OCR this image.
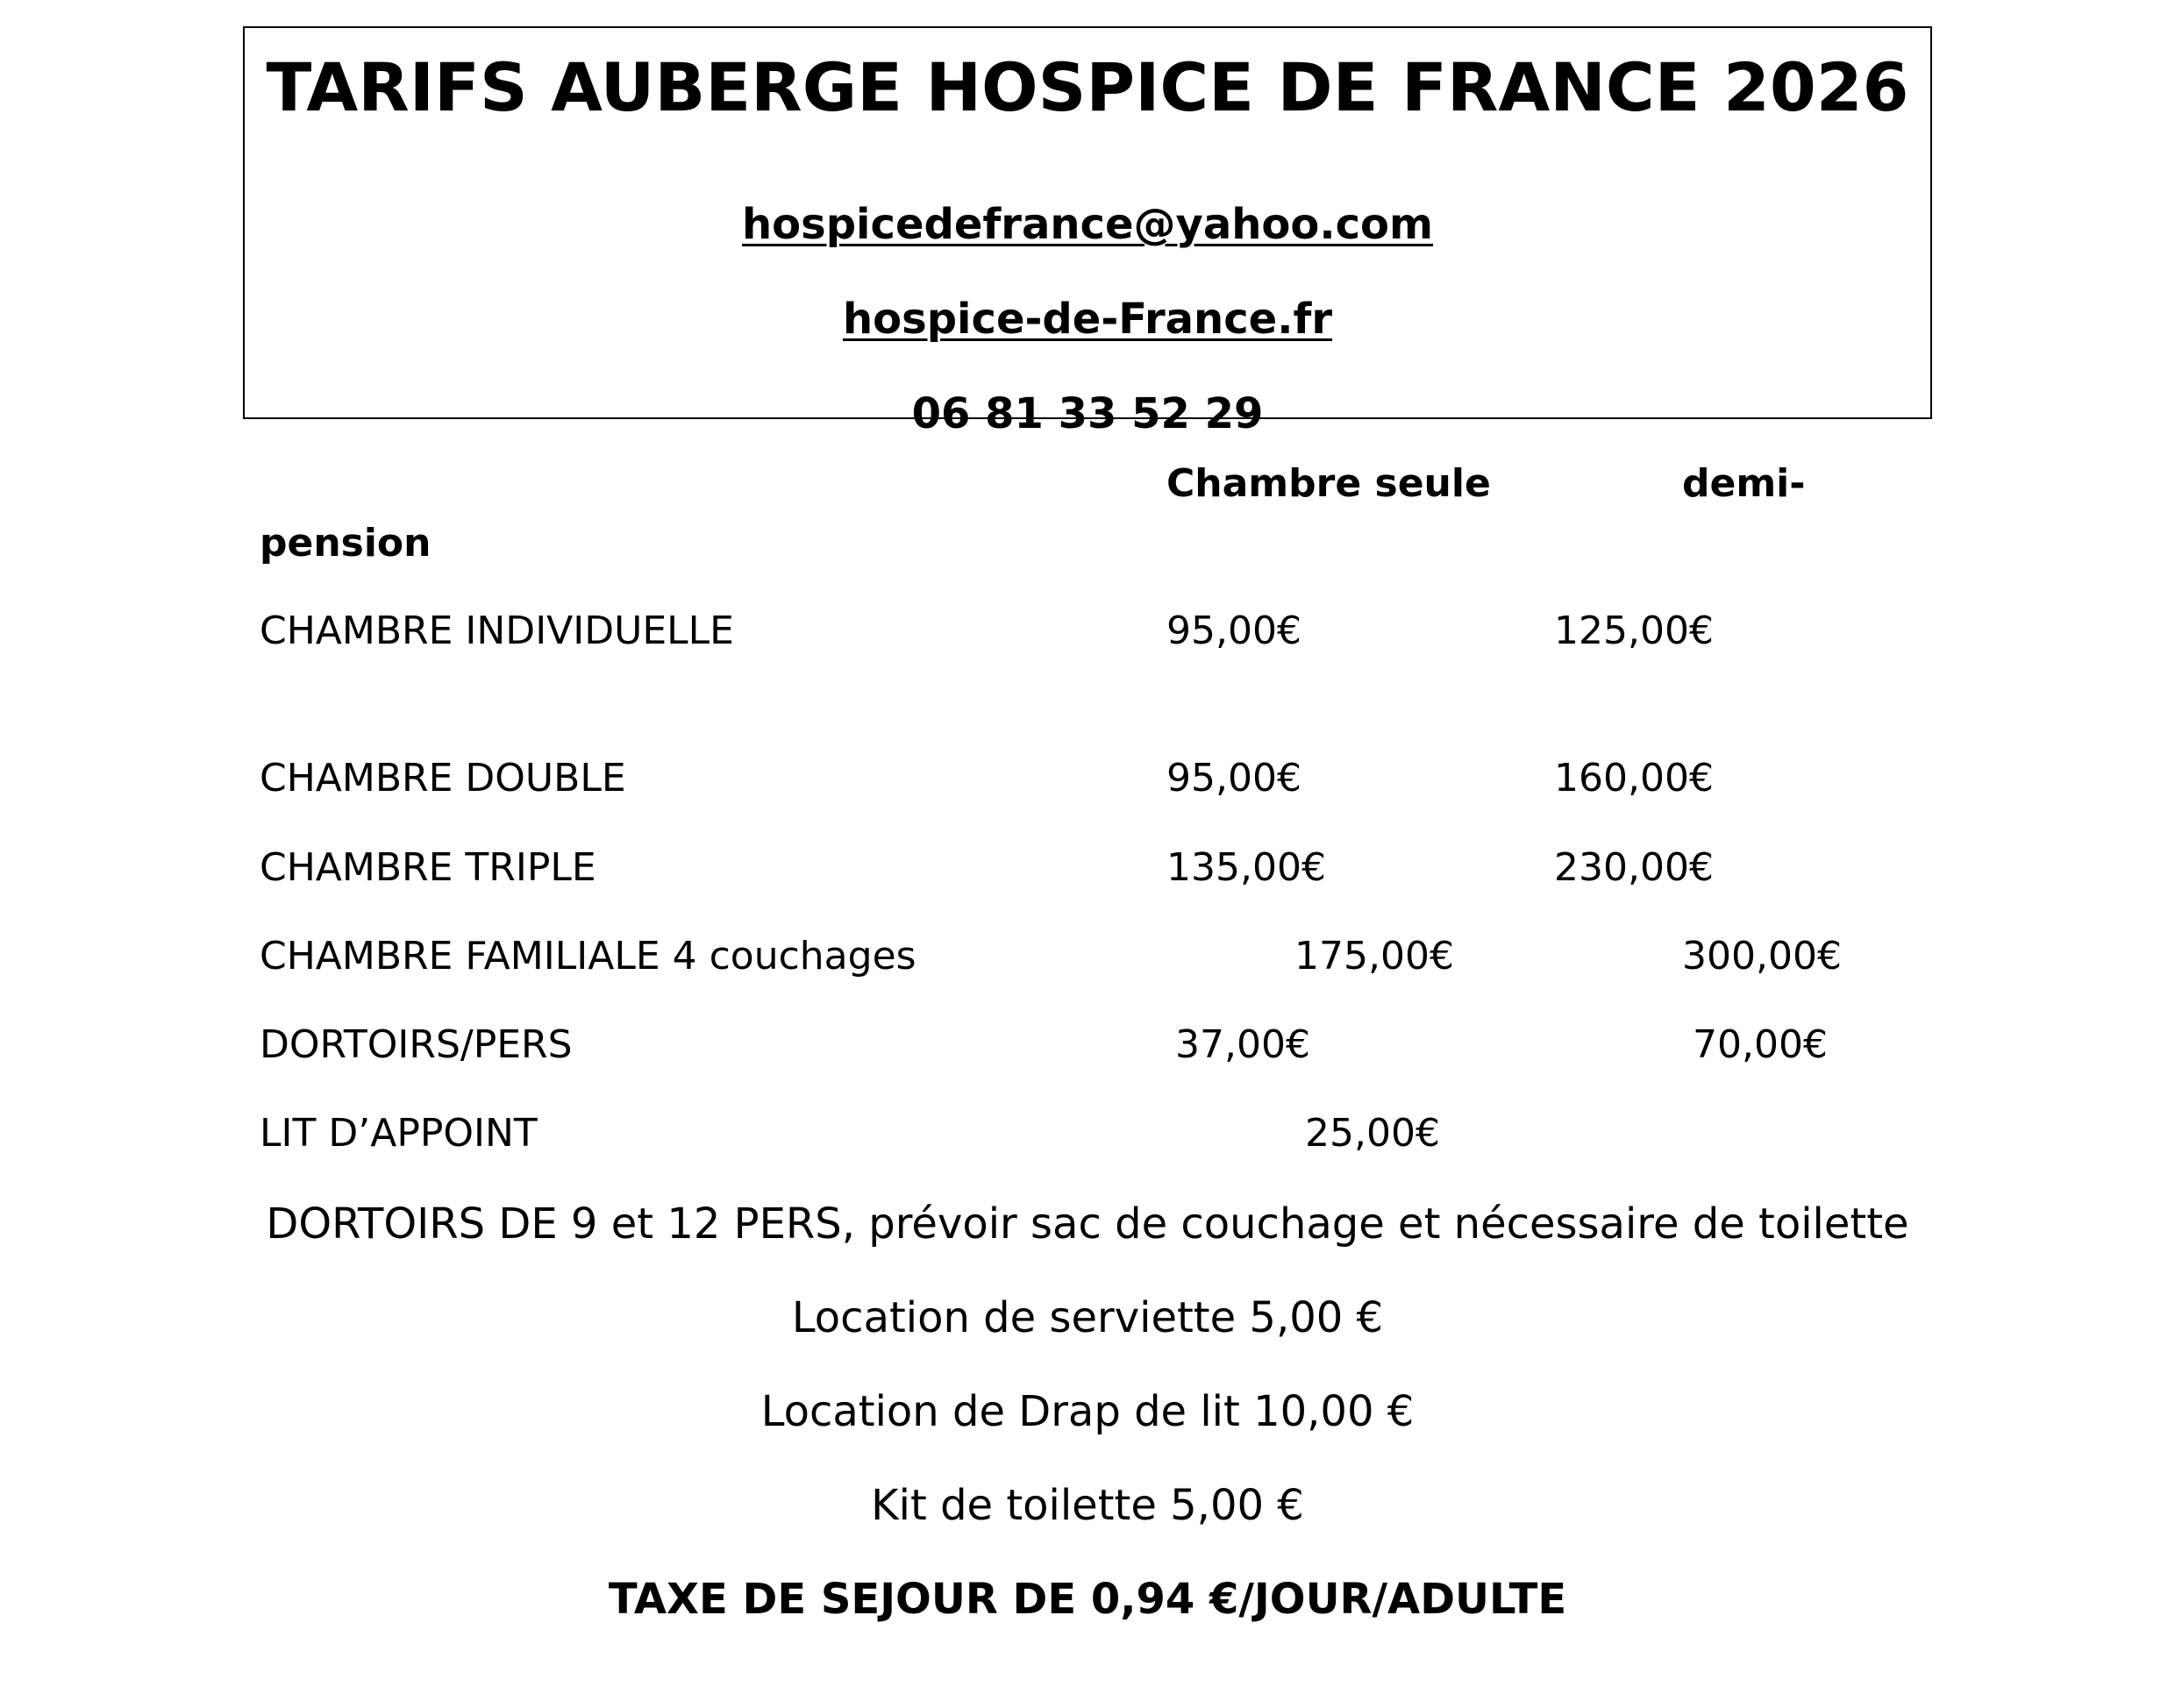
TARIFS AUBERGE HOSPICE DE FRANCE 2026
hospicedefrance@yahoo.com
hospice-de-France.fr
06 81 33 52 29
Chambre seule	demi-
pension
CHAMBRE INDIVIDUELLE	95,00€	125,00€
CHAMBRE DOUBLE	95,00€	160,00€
CHAMBRE TRIPLE	135,00€	230,00€
CHAMBRE FAMILIALE 4 couchages	175,00€	300,00€
DORTOIRS/PERS	37,00€	70,00€
LIT D’APPOINT	25,00€
DORTOIRS DE 9 et 12 PERS, prévoir sac de couchage et nécessaire de toilette
Location de serviette 5,00 €
Location de Drap de lit 10,00 €
Kit de toilette 5,00 €
TAXE DE SEJOUR DE 0,94 €/JOUR/ADULTE
